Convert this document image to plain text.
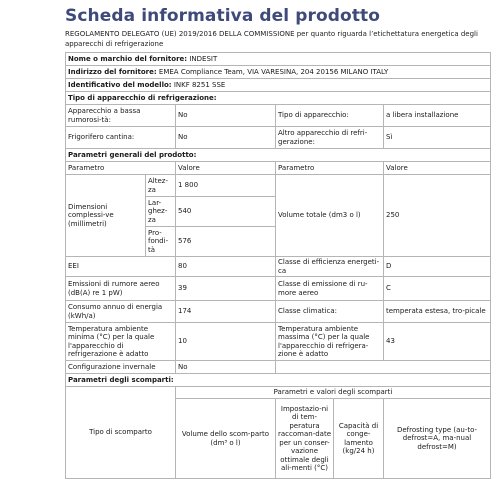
Scheda informativa del prodotto
REGOLAMENTO DELEGATO (UE) 2019/2016 DELLA COMMISSIONE per quanto riguarda l’etichettatura energetica degli apparecchi di refrigerazione
Nome o marchio del fornitore: INDESIT					
Indirizzo del fornitore: EMEA Compliance Team, VIA VARESINA, 204 20156 MILANO ITALY					
Identificativo del modello: INKF 8251 SSE					
Tipo di apparecchio di refrigerazione:					
Apparecchio a bassa rumorosi-tà:		No	Tipo di apparecchio:		a libera installazione
Frigorifero cantina:		No	Altro apparecchio di refri-gerazione:		Sì
Parametri generali del prodotto:					
Parametro		Valore	Parametro		Valore
Dimensioni complessi-ve (millimetri)	Altez-za	1 800	Volume totale (dm3 o l)		250
	Lar-ghez-za	540			
	Pro-fondi-tà	576			
EEI		80	Classe di efficienza energeti-ca		D
Emissioni di rumore aereo (dB(A) re 1 pW)		39	Classe di emissione di ru-more aereo		C
Consumo annuo di energia (kWh/a)		174	Classe climatica:		temperata estesa, tro-picale
Temperatura ambiente minima (°C) per la quale l'apparecchio di refrigerazione è adatto		10	Temperatura ambiente massima (°C) per la quale l'apparecchio di refrigera-zione è adatto		43
Configurazione invernale		No			
Parametri degli scomparti:					
Tipo di scomparto		Parametri e valori degli scomparti			
		Volume dello scom-parto (dm³ o l)	Impostazio-ni di tem-peratura raccoman-date per un conser-vazione ottimale degli ali-menti (°C)	Capacità di conge-lamento (kg/24 h)	Defrosting type (au-to-defrost=A, ma-nual defrost=M)
